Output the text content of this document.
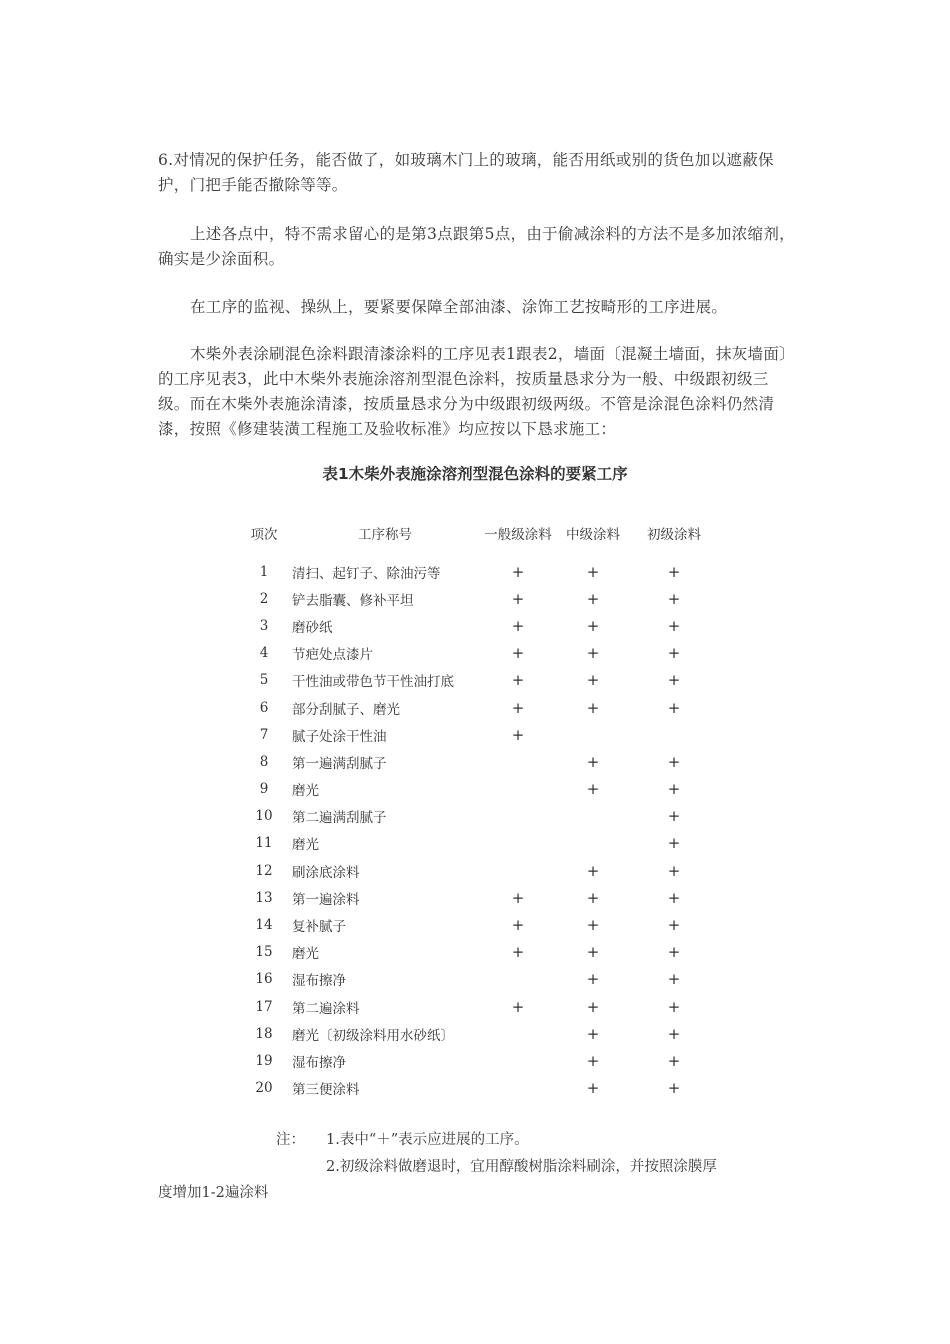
6.对情况的保护任务，能否做了，如玻璃木门上的玻璃，能否用纸或别的货色加以遮蔽保护，门把手能否撤除等等。

上述各点中，特不需求留心的是第3点跟第5点，由于偷减涂料的方法不是多加浓缩剂，确实是少涂面积。

在工序的监视、操纵上，要紧要保障全部油漆、涂饰工艺按畸形的工序进展。

木柴外表涂刷混色涂料跟清漆涂料的工序见表1跟表2，墙面〔混凝土墙面，抹灰墙面〕的工序见表3，此中木柴外表施涂溶剂型混色涂料，按质量恳求分为一般、中级跟初级三级。而在木柴外表施涂清漆，按质量恳求分为中级跟初级两级。不管是涂混色涂料仍然清漆，按照《修建装潢工程施工及验收标准》均应按以下恳求施工：

表1木柴外表施涂溶剂型混色涂料的要紧工序
项次	工序称号	一般级涂料	中级涂料	初级涂料
1	清扫、起钉子、除油污等	+	+	+
2	铲去脂囊、修补平坦	+	+	+
3	磨砂纸	+	+	+
4	节疤处点漆片	+	+	+
5	干性油或带色节干性油打底	+	+	+
6	部分刮腻子、磨光	+	+	+
7	腻子处涂干性油	+		
8	第一遍满刮腻子		+	+
9	磨光		+	+
10	第二遍满刮腻子			+
11	磨光			+
12	刷涂底涂料		+	+
13	第一遍涂料	+	+	+
14	复补腻子	+	+	+
15	磨光	+	+	+
16	湿布擦净		+	+
17	第二遍涂料	+	+	+
18	磨光〔初级涂料用水砂纸〕		+	+
19	湿布擦净		+	+
20	第三便涂料		+	+
注： 1.表中“＋”表示应进展的工序。
2.初级涂料做磨退时，宜用醇酸树脂涂料刷涂，并按照涂膜厚
度增加1-2遍涂料
